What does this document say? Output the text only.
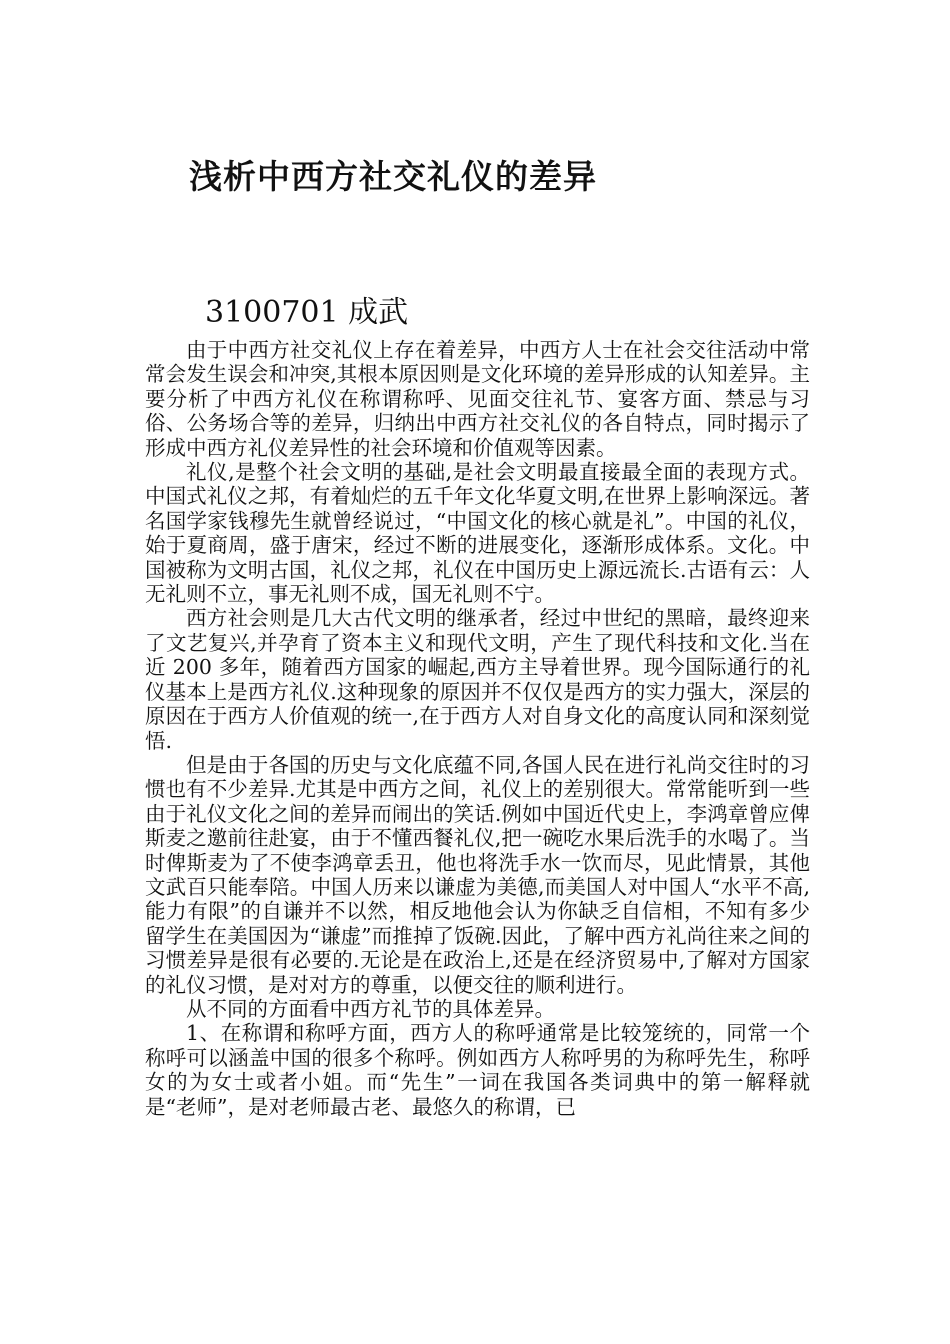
浅析中西方社交礼仪的差异
3100701 成武

由于中西方社交礼仪上存在着差异，中西方人士在社会交往活动中常常会发生误会和冲突,其根本原因则是文化环境的差异形成的认知差异。主要分析了中西方礼仪在称谓称呼、见面交往礼节、宴客方面、禁忌与习俗、公务场合等的差异，归纳出中西方社交礼仪的各自特点，同时揭示了形成中西方礼仪差异性的社会环境和价值观等因素。

礼仪,是整个社会文明的基础,是社会文明最直接最全面的表现方式。中国式礼仪之邦，有着灿烂的五千年文化华夏文明,在世界上影响深远。著名国学家钱穆先生就曾经说过，“中国文化的核心就是礼”。中国的礼仪，始于夏商周，盛于唐宋，经过不断的进展变化，逐渐形成体系。文化。中国被称为文明古国，礼仪之邦，礼仪在中国历史上源远流长.古语有云：人无礼则不立，事无礼则不成，国无礼则不宁。

西方社会则是几大古代文明的继承者，经过中世纪的黑暗，最终迎来了文艺复兴,并孕育了资本主义和现代文明，产生了现代科技和文化.当在近 200 多年，随着西方国家的崛起,西方主导着世界。现今国际通行的礼仪基本上是西方礼仪.这种现象的原因并不仅仅是西方的实力强大，深层的原因在于西方人价值观的统一,在于西方人对自身文化的高度认同和深刻觉悟.

但是由于各国的历史与文化底蕴不同,各国人民在进行礼尚交往时的习惯也有不少差异.尤其是中西方之间，礼仪上的差别很大。常常能听到一些由于礼仪文化之间的差异而闹出的笑话.例如中国近代史上，李鸿章曾应俾斯麦之邀前往赴宴，由于不懂西餐礼仪,把一碗吃水果后洗手的水喝了。当时俾斯麦为了不使李鸿章丢丑，他也将洗手水一饮而尽，见此情景，其他文武百只能奉陪。中国人历来以谦虚为美德,而美国人对中国人“水平不高,能力有限”的自谦并不以然，相反地他会认为你缺乏自信相，不知有多少留学生在美国因为“谦虚”而推掉了饭碗.因此，了解中西方礼尚往来之间的习惯差异是很有必要的.无论是在政治上,还是在经济贸易中,了解对方国家的礼仪习惯，是对对方的尊重，以便交往的顺利进行。

从不同的方面看中西方礼节的具体差异。

1、在称谓和称呼方面，西方人的称呼通常是比较笼统的，同常一个称呼可以涵盖中国的很多个称呼。例如西方人称呼男的为称呼先生，称呼女的为女士或者小姐。而“先生”一词在我国各类词典中的第一解释就是“老师”，是对老师最古老、最悠久的称谓，已
